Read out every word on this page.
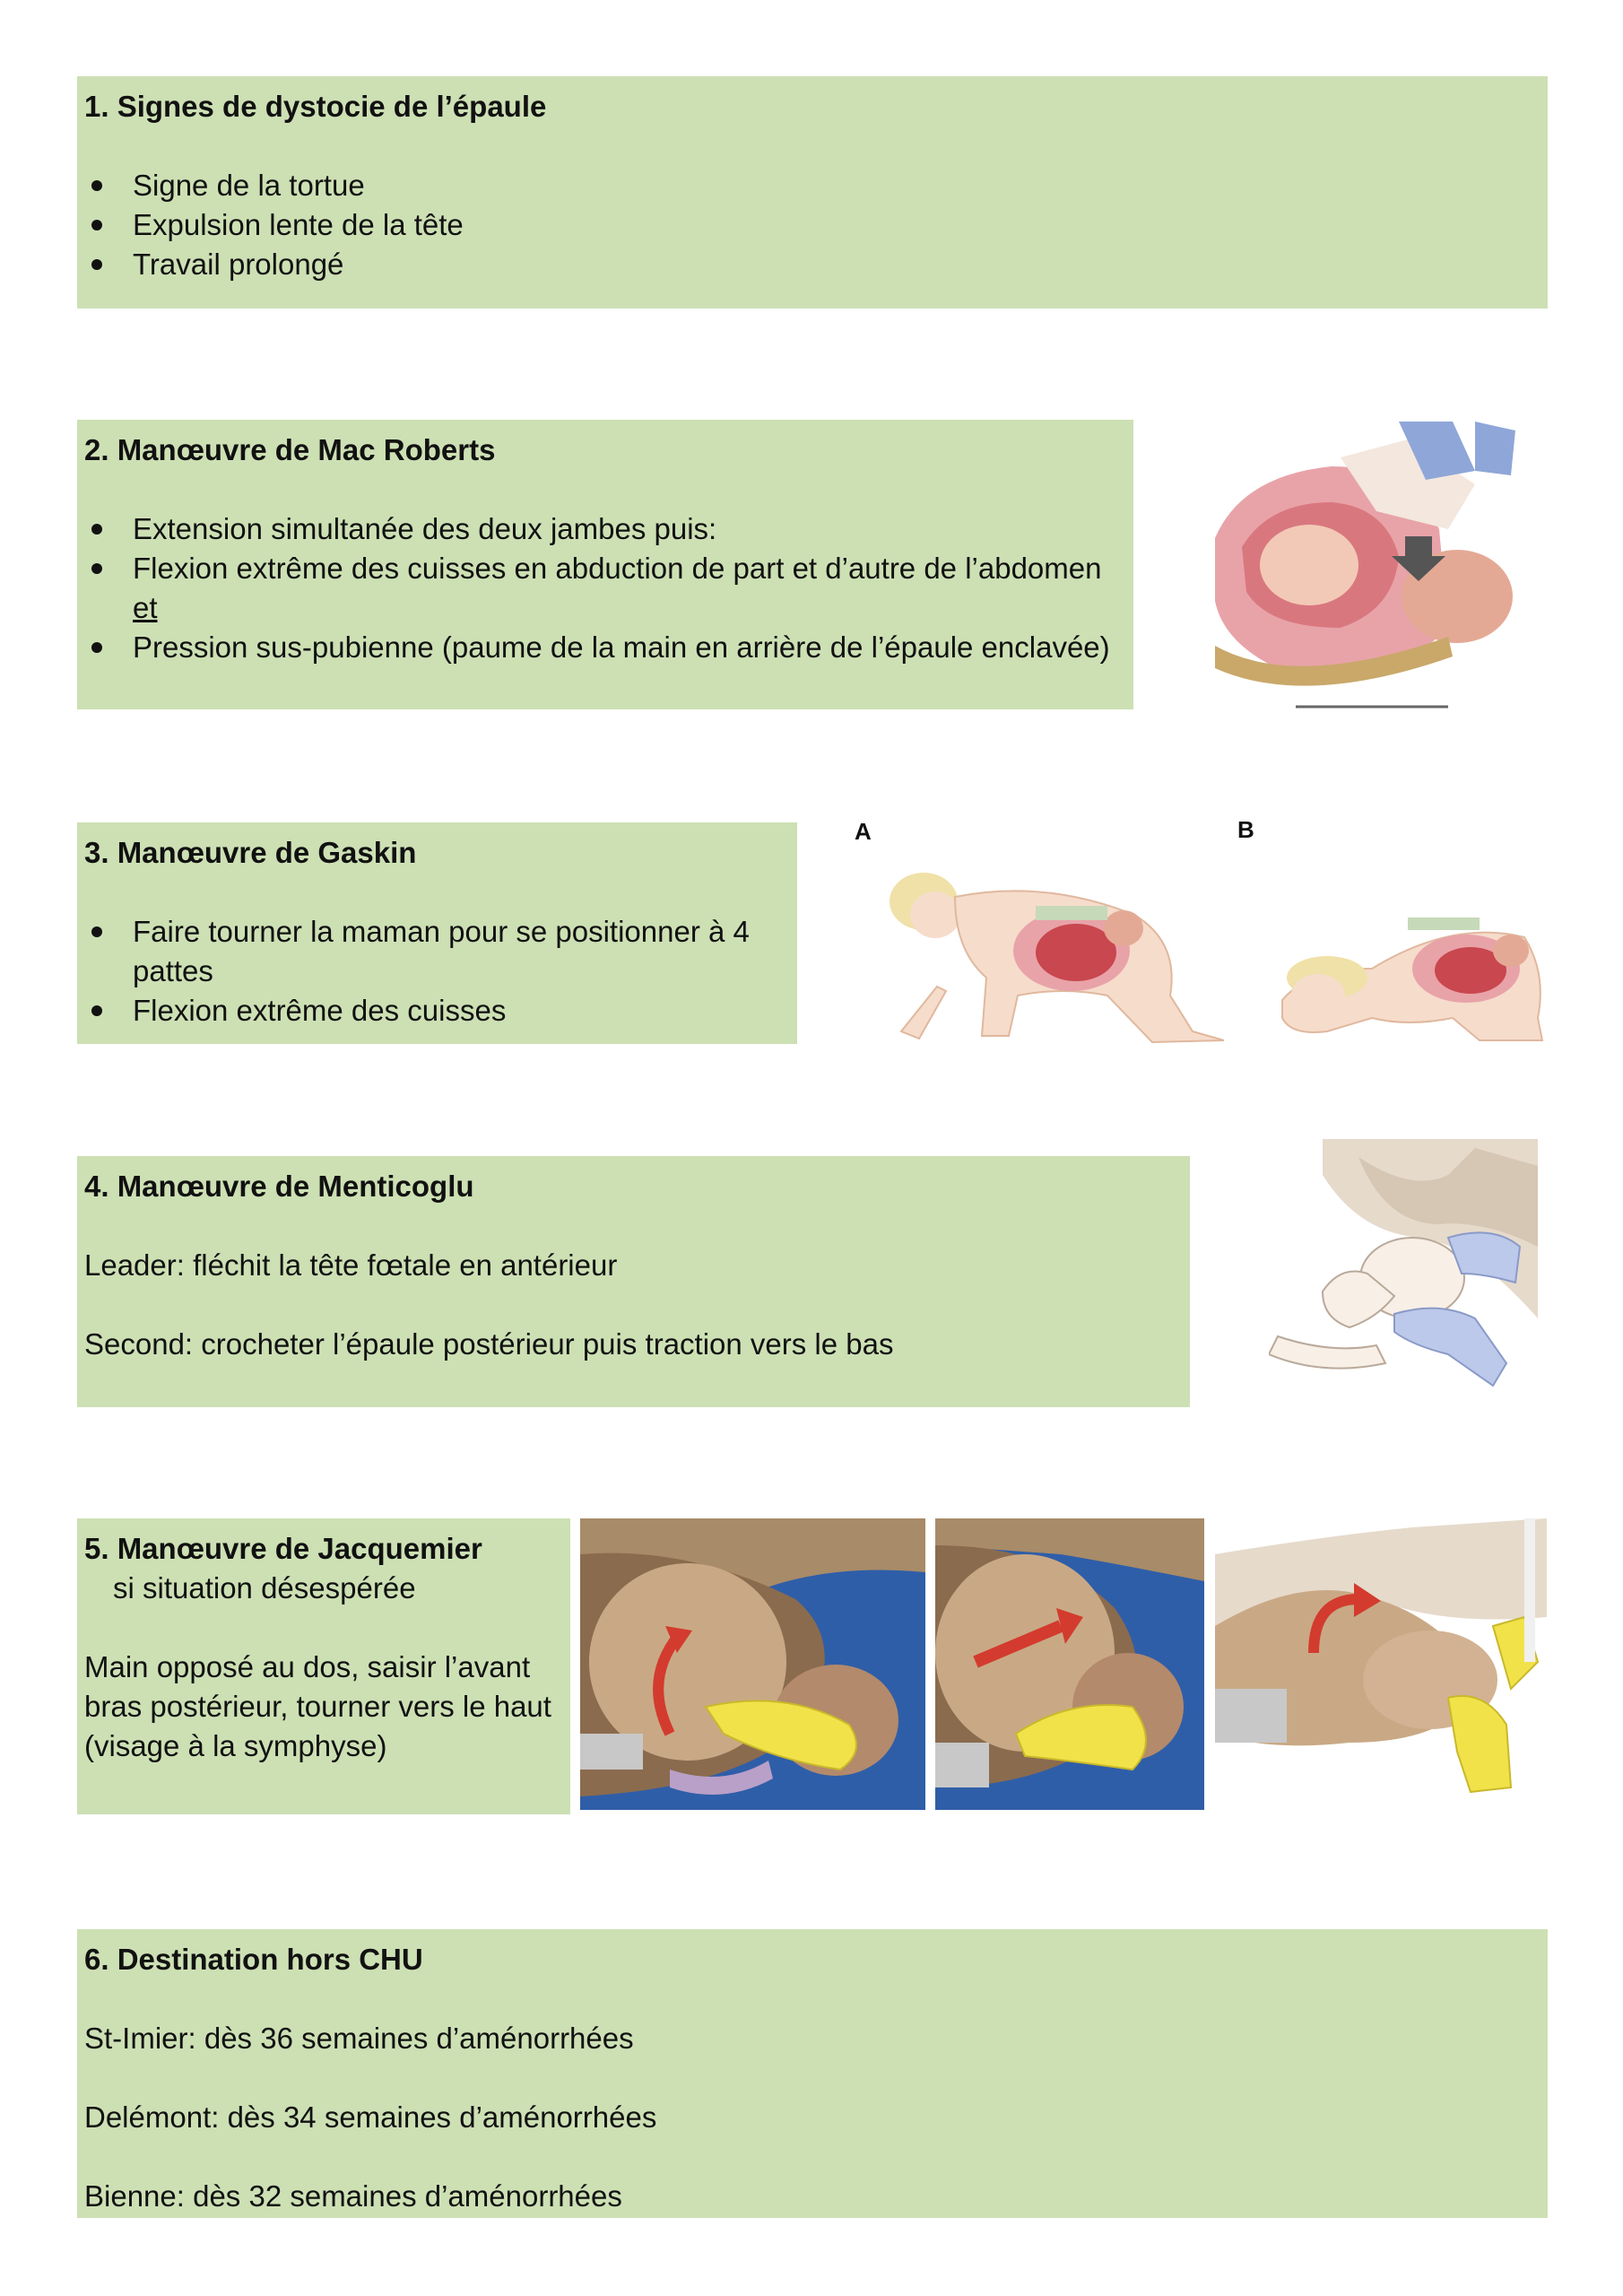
1. Signes de dystocie de l’épaule
Signe de la tortue
Expulsion lente de la tête
Travail prolongé
2. Manœuvre de Mac Roberts
Extension simultanée des deux jambes puis:
Flexion extrême des cuisses en abduction de part et d’autre de l’abdomen
et
Pression sus-pubienne (paume de la main en arrière de l’épaule enclavée)
3. Manœuvre de Gaskin
Faire tourner la maman pour se positionner à 4 pattes
Flexion extrême des cuisses
A	B
4. Manœuvre de Menticoglu
Leader: fléchit la tête fœtale en antérieur
Second: crocheter l’épaule postérieur puis traction vers le bas
5. Manœuvre de Jacquemier
si situation désespérée
Main opposé au dos, saisir l’avant bras postérieur, tourner vers le haut (visage à la symphyse)
6. Destination hors CHU
St-Imier: dès 36 semaines d’aménorrhées
Delémont: dès 34 semaines d’aménorrhées
Bienne: dès 32 semaines d’aménorrhées
